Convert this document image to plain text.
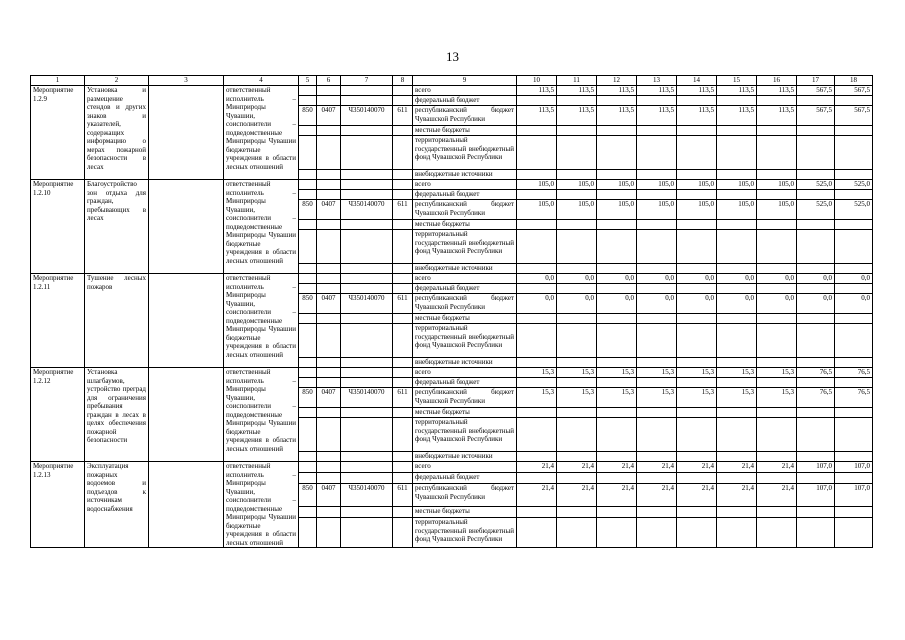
13
1	2	3	4	5	6	7	8	9	10	11	12	13	14	15	16	17	18
Мероприятие 1.2.9	Установка и размещение стендов и других знаков и указателей, содержащих информацию о мерах пожарной безопасности в лесах		ответственный исполнитель – Минприроды Чувашии, соисполнители – подведомственные Минприроды Чувашии бюджетные учреждения в области лесных отношений					всего	113,5	113,5	113,5	113,5	113,5	113,5	113,5	567,5	567,5
								федеральный бюджет									
				850	0407	Ч350140070	611	республиканский бюджет Чувашской Республики	113,5	113,5	113,5	113,5	113,5	113,5	113,5	567,5	567,5
								местные бюджеты									
								территориальный государственный внебюджетный фонд Чувашской Республики									
								внебюджетные источники									
Мероприятие 1.2.10	Благоустройство зон отдыха для граждан, пребывающих в лесах		ответственный исполнитель – Минприроды Чувашии, соисполнители – подведомственные Минприроды Чувашии бюджетные учреждения в области лесных отношений					всего	105,0	105,0	105,0	105,0	105,0	105,0	105,0	525,0	525,0
								федеральный бюджет									
				850	0407	Ч350140070	611	республиканский бюджет Чувашской Республики	105,0	105,0	105,0	105,0	105,0	105,0	105,0	525,0	525,0
								местные бюджеты									
								территориальный государственный внебюджетный фонд Чувашской Республики									
								внебюджетные источники									
Мероприятие 1.2.11	Тушение лесных пожаров		ответственный исполнитель – Минприроды Чувашии, соисполнители – подведомственные Минприроды Чувашии бюджетные учреждения в области лесных отношений					всего	0,0	0,0	0,0	0,0	0,0	0,0	0,0	0,0	0,0
								федеральный бюджет									
				850	0407	Ч350140070	611	республиканский бюджет Чувашской Республики	0,0	0,0	0,0	0,0	0,0	0,0	0,0	0,0	0,0
								местные бюджеты									
								территориальный государственный внебюджетный фонд Чувашской Республики									
								внебюджетные источники									
Мероприятие 1.2.12	Установка шлагбаумов, устройство преград для ограничения пребывания граждан в лесах в целях обеспечения пожарной безопасности		ответственный исполнитель – Минприроды Чувашии, соисполнители – подведомственные Минприроды Чувашии бюджетные учреждения в области лесных отношений					всего	15,3	15,3	15,3	15,3	15,3	15,3	15,3	76,5	76,5
								федеральный бюджет									
				850	0407	Ч350140070	611	республиканский бюджет Чувашской Республики	15,3	15,3	15,3	15,3	15,3	15,3	15,3	76,5	76,5
								местные бюджеты									
								территориальный государственный внебюджетный фонд Чувашской Республики									
								внебюджетные источники									
Мероприятие 1.2.13	Эксплуатация пожарных водоемов и подъездов к источникам водоснабжения		ответственный исполнитель – Минприроды Чувашии, соисполнители – подведомственные Минприроды Чувашии бюджетные учреждения в области лесных отношений					всего	21,4	21,4	21,4	21,4	21,4	21,4	21,4	107,0	107,0
								федеральный бюджет									
				850	0407	Ч350140070	611	республиканский бюджет Чувашской Республики	21,4	21,4	21,4	21,4	21,4	21,4	21,4	107,0	107,0
								местные бюджеты									
								территориальный государственный внебюджетный фонд Чувашской Республики									
